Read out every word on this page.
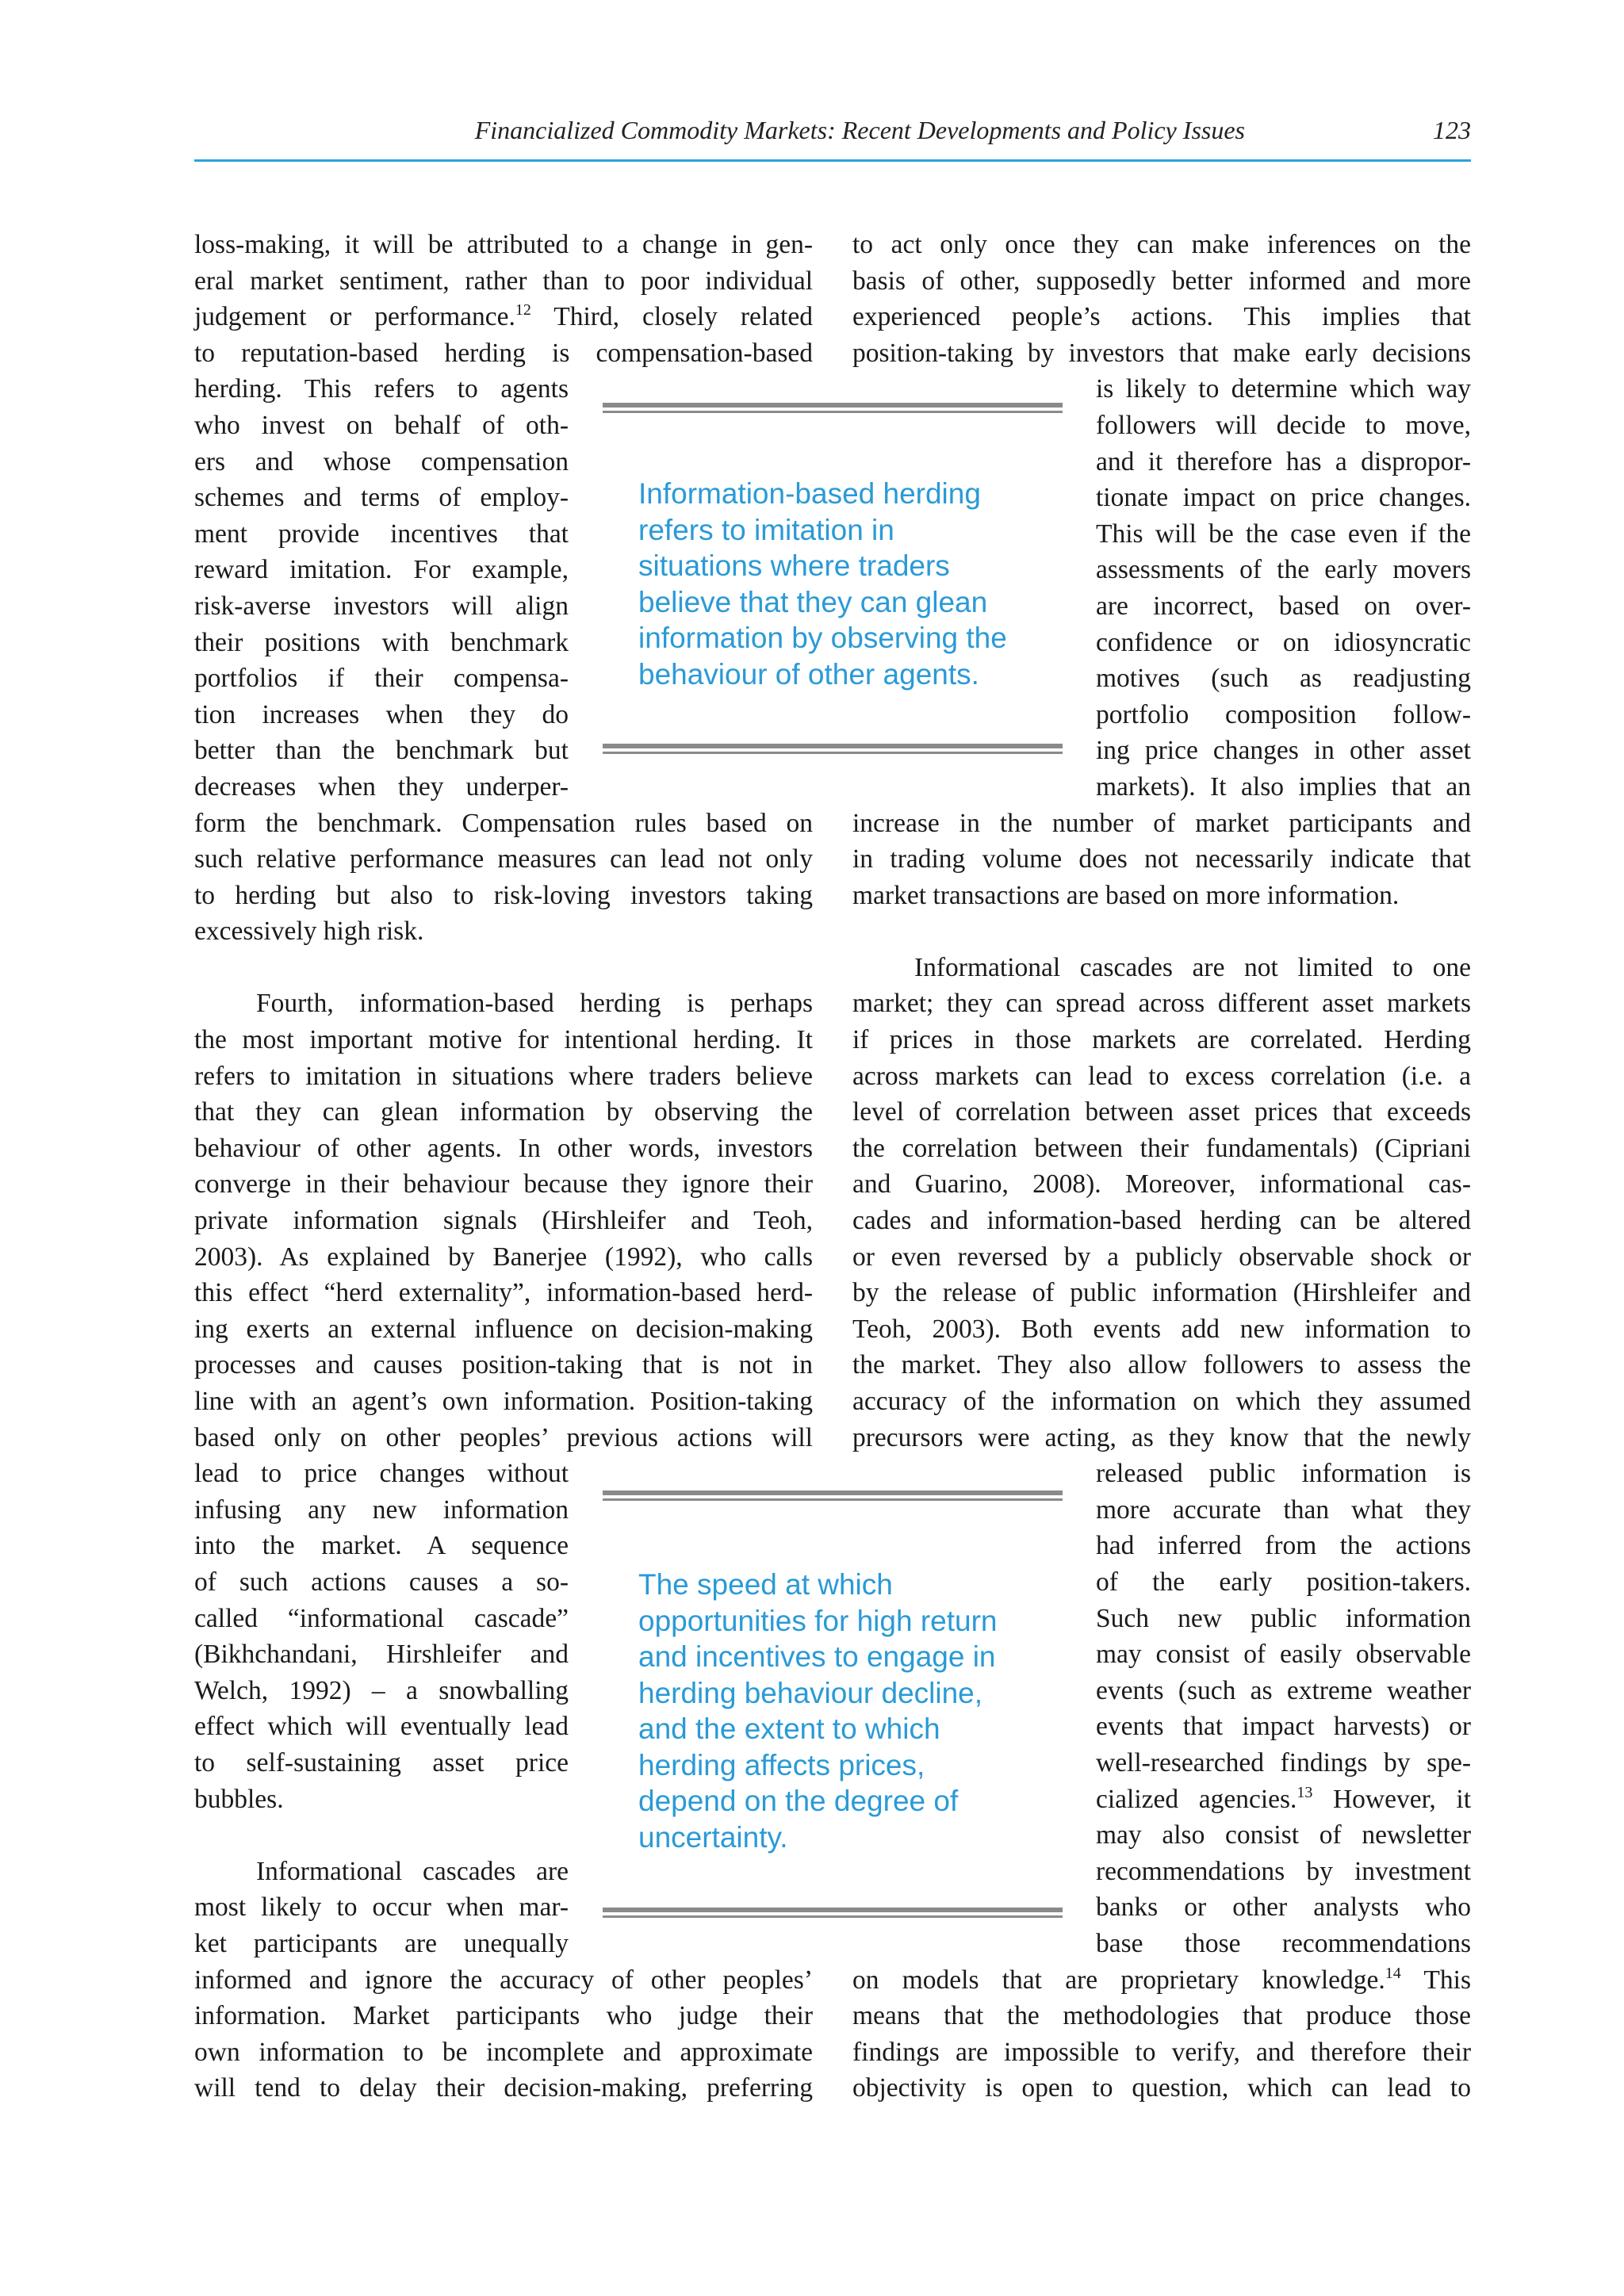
Financialized Commodity Markets: Recent Developments and Policy Issues	123
loss-making, it will be attributed to a change in gen-
eral market sentiment, rather than to poor individual
judgement or performance.$^{12}$ Third, closely related
to reputation-based herding is compensation-based
herding. This refers to agents
who invest on behalf of oth-
ers and whose compensation
schemes and terms of employ-
ment provide incentives that
reward imitation. For example,
risk-averse investors will align
their positions with benchmark
portfolios if their compensa-
tion increases when they do
better than the benchmark but
decreases when they underper-
form the benchmark. Compensation rules based on
such relative performance measures can lead not only
to herding but also to risk-loving investors taking
excessively high risk.
Fourth, information-based herding is perhaps
the most important motive for intentional herding. It
refers to imitation in situations where traders believe
that they can glean information by observing the
behaviour of other agents. In other words, investors
converge in their behaviour because they ignore their
private information signals (Hirshleifer and Teoh,
2003). As explained by Banerjee (1992), who calls
this effect “herd externality”, information-based herd-
ing exerts an external influence on decision-making
processes and causes position-taking that is not in
line with an agent’s own information. Position-taking
based only on other peoples’ previous actions will
lead to price changes without
infusing any new information
into the market. A sequence
of such actions causes a so-
called “informational cascade”
(Bikhchandani, Hirshleifer and
Welch, 1992) – a snowballing
effect which will eventually lead
to self-sustaining asset price
bubbles.
Informational cascades are
most likely to occur when mar-
ket participants are unequally
informed and ignore the accuracy of other peoples’
information. Market participants who judge their
own information to be incomplete and approximate
will tend to delay their decision-making, preferring
to act only once they can make inferences on the
basis of other, supposedly better informed and more
experienced people’s actions. This implies that
position-taking by investors that make early decisions
is likely to determine which way
followers will decide to move,
and it therefore has a dispropor-
tionate impact on price changes.
This will be the case even if the
assessments of the early movers
are incorrect, based on over-
confidence or on idiosyncratic
motives (such as readjusting
portfolio composition follow-
ing price changes in other asset
markets). It also implies that an
increase in the number of market participants and
in trading volume does not necessarily indicate that
market transactions are based on more information.
Informational cascades are not limited to one
market; they can spread across different asset markets
if prices in those markets are correlated. Herding
across markets can lead to excess correlation (i.e. a
level of correlation between asset prices that exceeds
the correlation between their fundamentals) (Cipriani
and Guarino, 2008). Moreover, informational cas-
cades and information-based herding can be altered
or even reversed by a publicly observable shock or
by the release of public information (Hirshleifer and
Teoh, 2003). Both events add new information to
the market. They also allow followers to assess the
accuracy of the information on which they assumed
precursors were acting, as they know that the newly
released public information is
more accurate than what they
had inferred from the actions
of the early position-takers.
Such new public information
may consist of easily observable
events (such as extreme weather
events that impact harvests) or
well-researched findings by spe-
cialized agencies.$^{13}$ However, it
may also consist of newsletter
recommendations by investment
banks or other analysts who
base those recommendations
on models that are proprietary knowledge.$^{14}$ This
means that the methodologies that produce those
findings are impossible to verify, and therefore their
objectivity is open to question, which can lead to
Information-based herding
refers to imitation in
situations where traders
believe that they can glean
information by observing the
behaviour of other agents.
The speed at which
opportunities for high return
and incentives to engage in
herding behaviour decline,
and the extent to which
herding affects prices,
depend on the degree of
uncertainty.
